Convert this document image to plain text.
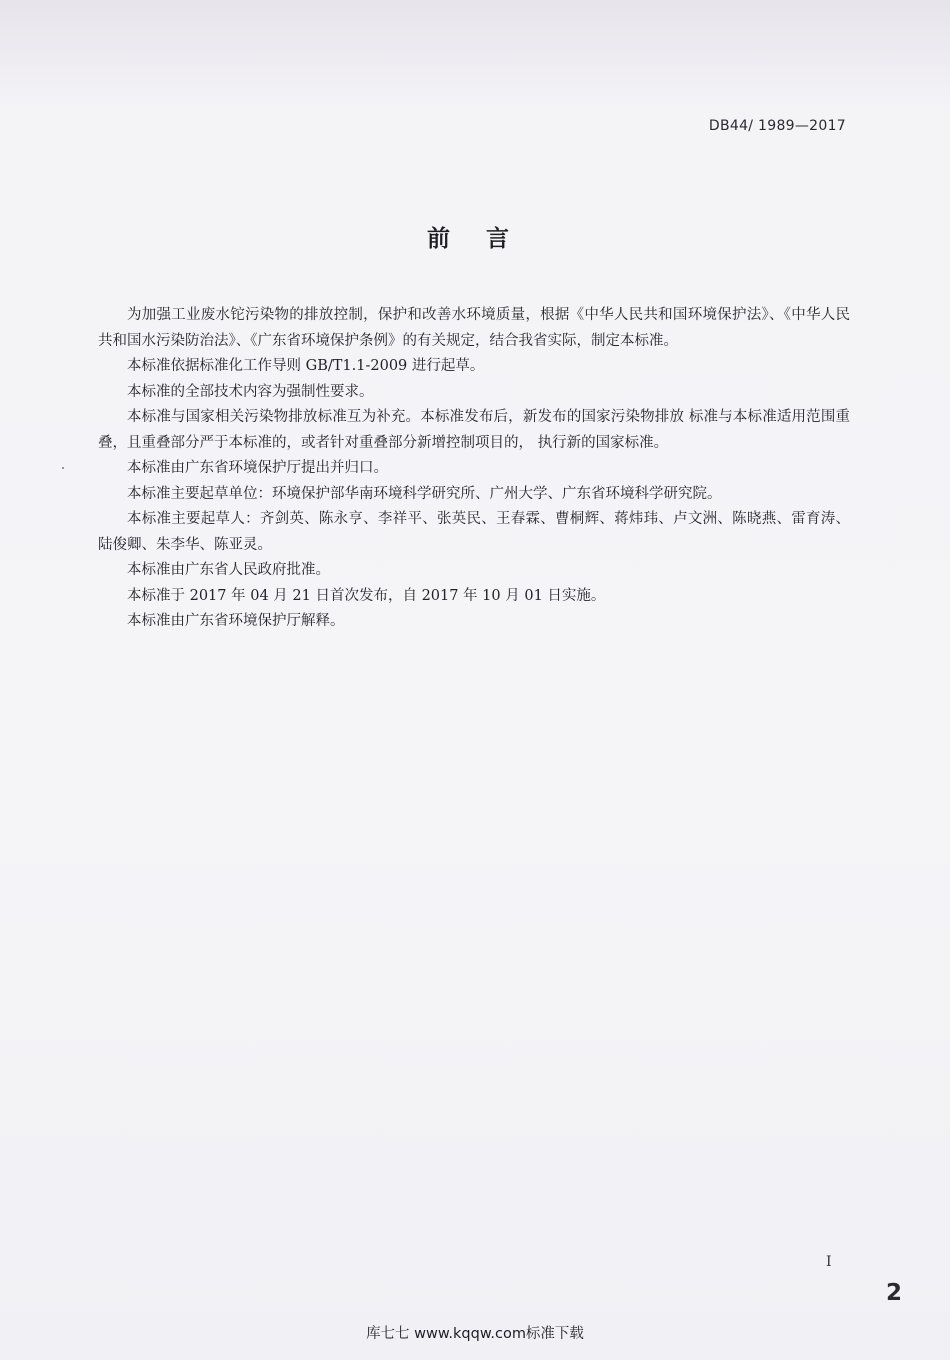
DB44/ 1989—2017
前 言

为加强工业废水铊污染物的排放控制，保护和改善水环境质量，根据《中华人民共和国环境保护法》、《中华人民共和国水污染防治法》、《广东省环境保护条例》的有关规定，结合我省实际，制定本标准。

本标准依据标准化工作导则 GB/T1.1-2009 进行起草。

本标准的全部技术内容为强制性要求。

本标准与国家相关污染物排放标准互为补充。本标准发布后，新发布的国家污染物排放 标准与本标准适用范围重叠，且重叠部分严于本标准的，或者针对重叠部分新增控制项目的， 执行新的国家标准。

本标准由广东省环境保护厅提出并归口。

本标准主要起草单位：环境保护部华南环境科学研究所、广州大学、广东省环境科学研究院。

本标准主要起草人：齐剑英、陈永亨、李祥平、张英民、王春霖、曹桐辉、蒋炜玮、卢文洲、陈晓燕、雷育涛、陆俊卿、朱李华、陈亚灵。

本标准由广东省人民政府批准。

本标准于 2017 年 04 月 21 日首次发布，自 2017 年 10 月 01 日实施。

本标准由广东省环境保护厅解释。

I
2
库七七 www.kqqw.com标准下载
